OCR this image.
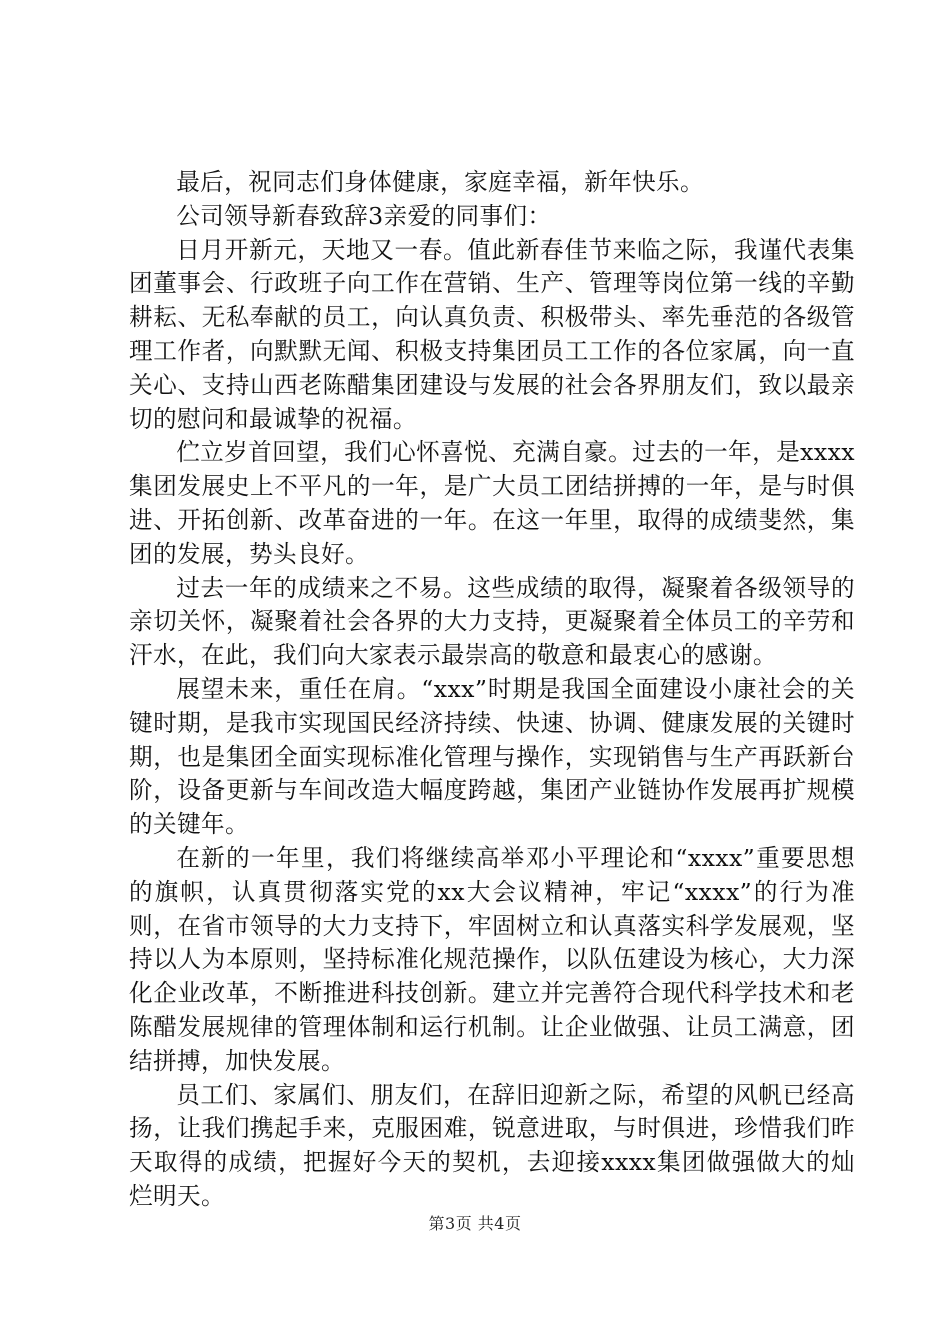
最后，祝同志们身体健康，家庭幸福，新年快乐。

公司领导新春致辞3亲爱的同事们：

日月开新元，天地又一春。值此新春佳节来临之际，我谨代表集团董事会、行政班子向工作在营销、生产、管理等岗位第一线的辛勤耕耘、无私奉献的员工，向认真负责、积极带头、率先垂范的各级管理工作者，向默默无闻、积极支持集团员工工作的各位家属，向一直关心、支持山西老陈醋集团建设与发展的社会各界朋友们，致以最亲切的慰问和最诚挚的祝福。

伫立岁首回望，我们心怀喜悦、充满自豪。过去的一年，是xxxx集团发展史上不平凡的一年，是广大员工团结拼搏的一年，是与时俱进、开拓创新、改革奋进的一年。在这一年里，取得的成绩斐然，集团的发展，势头良好。

过去一年的成绩来之不易。这些成绩的取得，凝聚着各级领导的亲切关怀，凝聚着社会各界的大力支持，更凝聚着全体员工的辛劳和汗水，在此，我们向大家表示最崇高的敬意和最衷心的感谢。

展望未来，重任在肩。“xxx”时期是我国全面建设小康社会的关键时期，是我市实现国民经济持续、快速、协调、健康发展的关键时期，也是集团全面实现标准化管理与操作，实现销售与生产再跃新台阶，设备更新与车间改造大幅度跨越，集团产业链协作发展再扩规模的关键年。

在新的一年里，我们将继续高举邓小平理论和“xxxx”重要思想的旗帜，认真贯彻落实党的xx大会议精神，牢记“xxxx”的行为准则，在省市领导的大力支持下，牢固树立和认真落实科学发展观，坚持以人为本原则，坚持标准化规范操作，以队伍建设为核心，大力深化企业改革，不断推进科技创新。建立并完善符合现代科学技术和老陈醋发展规律的管理体制和运行机制。让企业做强、让员工满意，团结拼搏，加快发展。

员工们、家属们、朋友们，在辞旧迎新之际，希望的风帆已经高扬，让我们携起手来，克服困难，锐意进取，与时俱进，珍惜我们昨天取得的成绩，把握好今天的契机，去迎接xxxx集团做强做大的灿烂明天。

第3页 共4页
